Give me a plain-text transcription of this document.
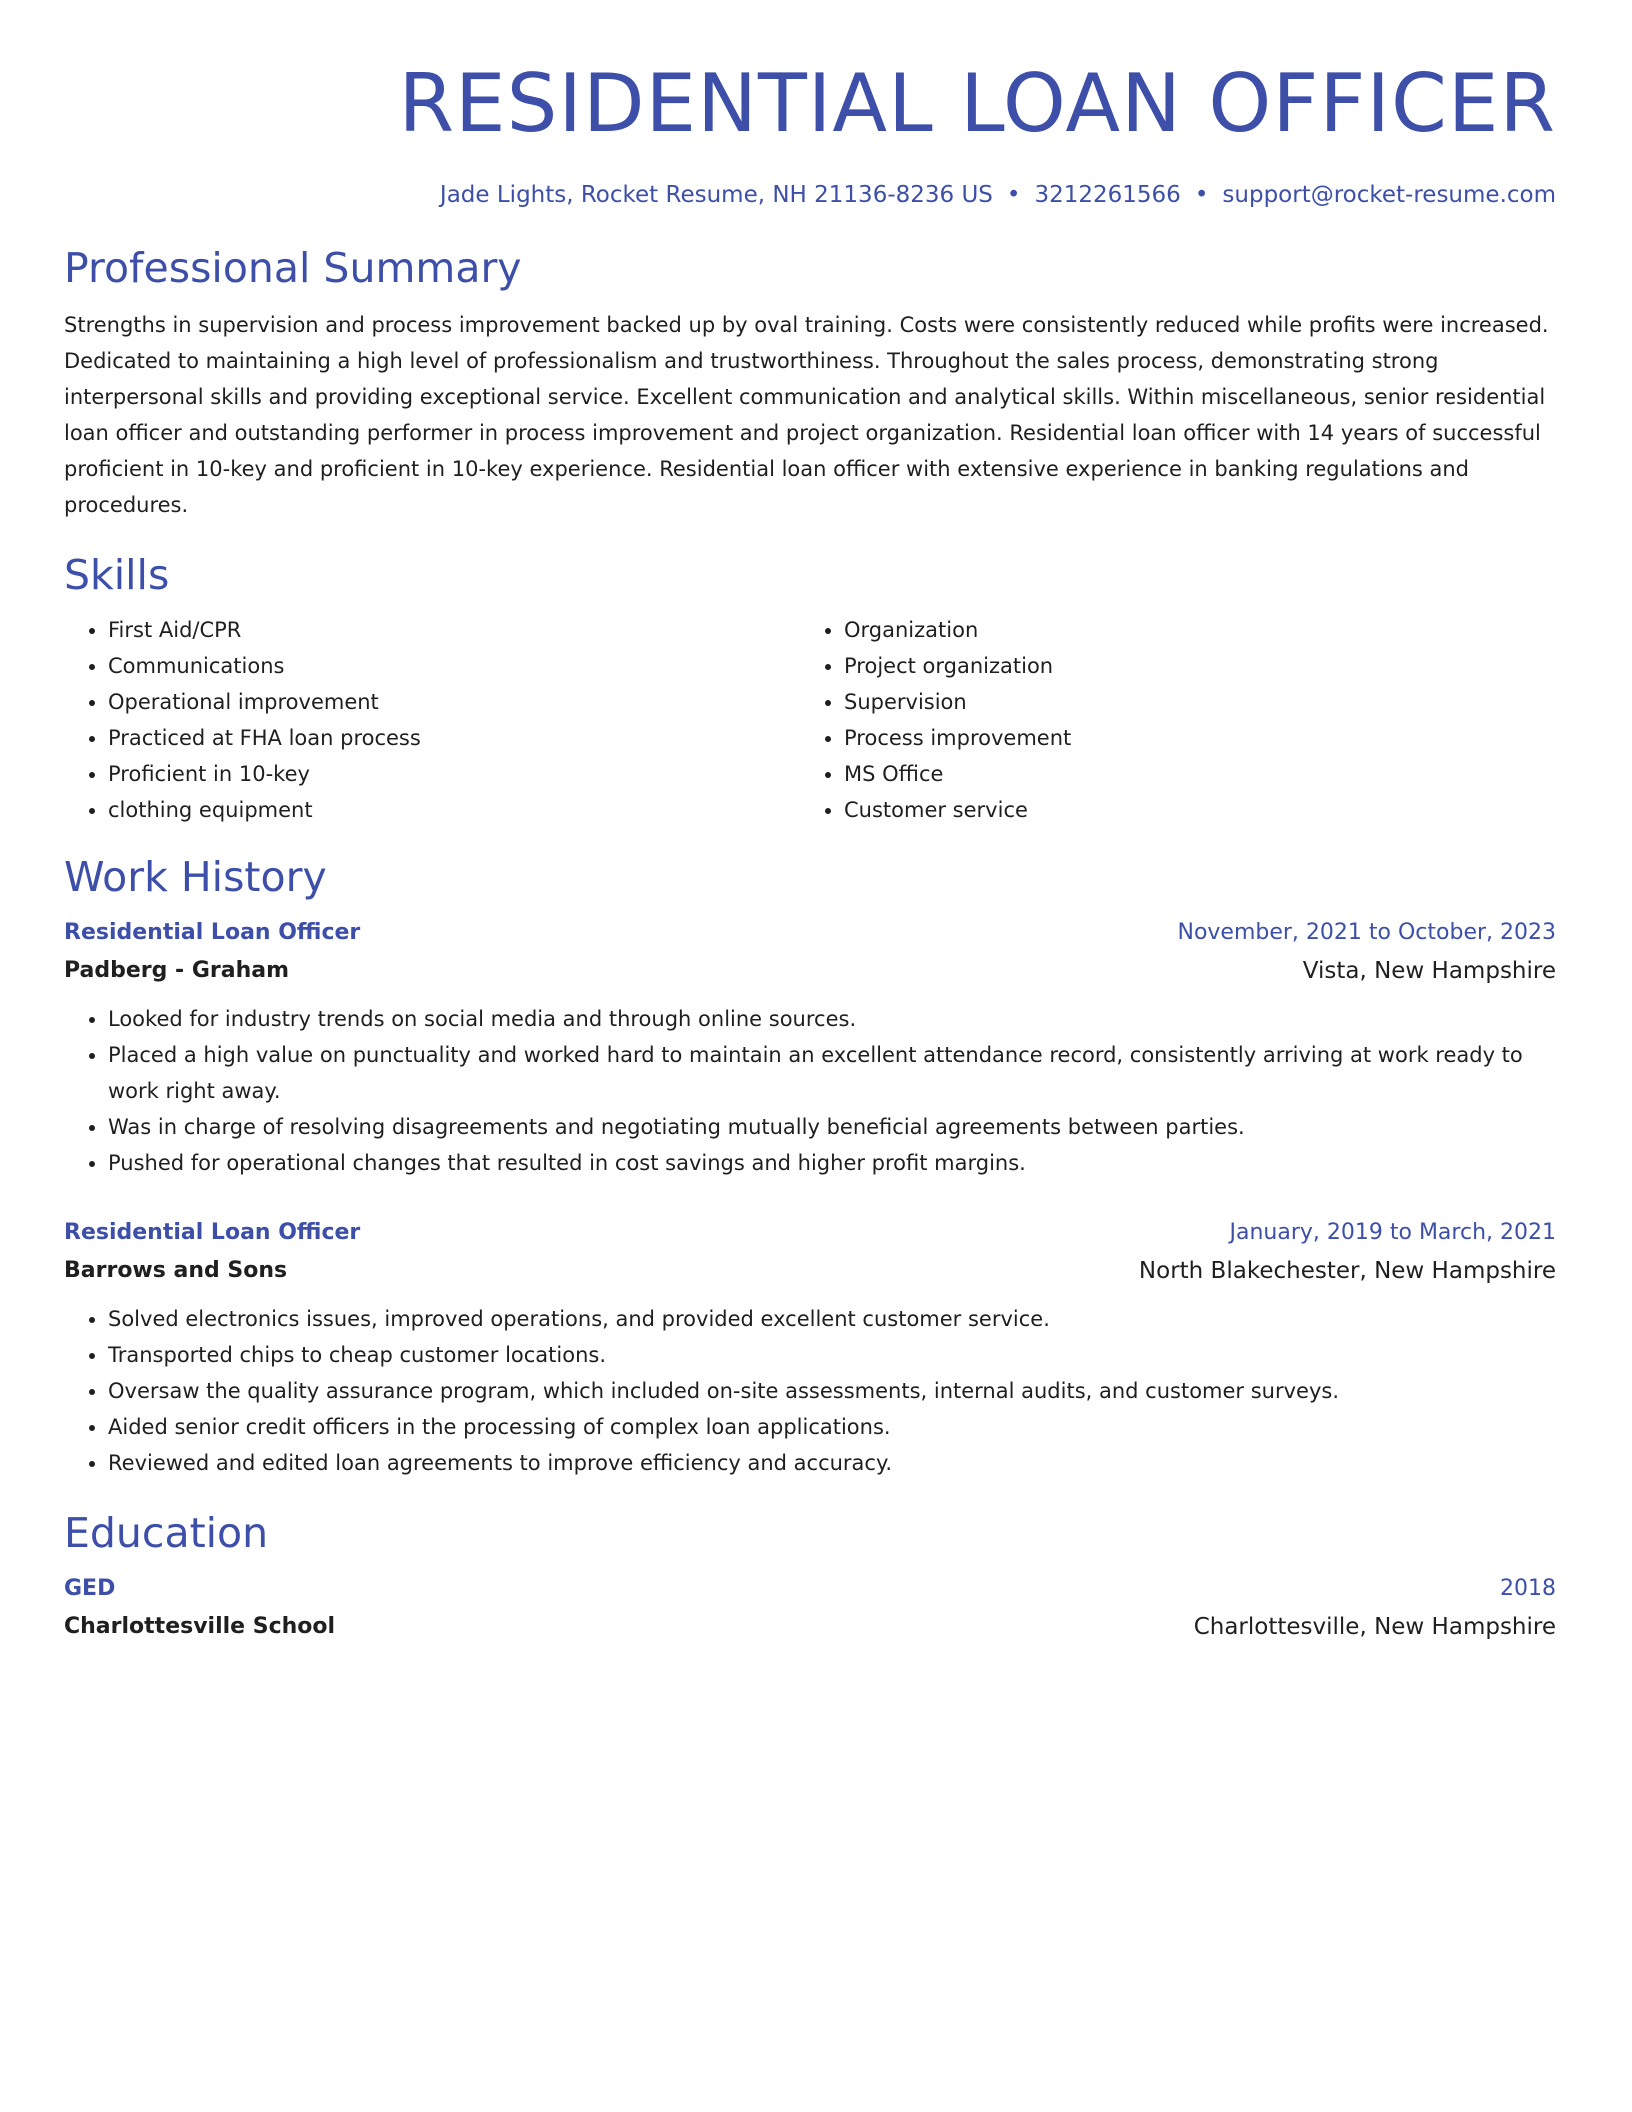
RESIDENTIAL LOAN OFFICER
Jade Lights, Rocket Resume, NH 21136-8236 US • 3212261566 • support@rocket-resume.com
Professional Summary
Strengths in supervision and process improvement backed up by oval training. Costs were consistently reduced while profits were increased. Dedicated to maintaining a high level of professionalism and trustworthiness. Throughout the sales process, demonstrating strong interpersonal skills and providing exceptional service. Excellent communication and analytical skills. Within miscellaneous, senior residential loan officer and outstanding performer in process improvement and project organization. Residential loan officer with 14 years of successful proficient in 10-key and proficient in 10-key experience. Residential loan officer with extensive experience in banking regulations and procedures.
Skills
• First Aid/CPR
• Communications
• Operational improvement
• Practiced at FHA loan process
• Proficient in 10-key
• clothing equipment
• Organization
• Project organization
• Supervision
• Process improvement
• MS Office
• Customer service
Work History
Residential Loan Officer	November, 2021 to October, 2023
Padberg - Graham	Vista, New Hampshire
• Looked for industry trends on social media and through online sources.
• Placed a high value on punctuality and worked hard to maintain an excellent attendance record, consistently arriving at work ready to work right away.
• Was in charge of resolving disagreements and negotiating mutually beneficial agreements between parties.
• Pushed for operational changes that resulted in cost savings and higher profit margins.
Residential Loan Officer	January, 2019 to March, 2021
Barrows and Sons	North Blakechester, New Hampshire
• Solved electronics issues, improved operations, and provided excellent customer service.
• Transported chips to cheap customer locations.
• Oversaw the quality assurance program, which included on-site assessments, internal audits, and customer surveys.
• Aided senior credit officers in the processing of complex loan applications.
• Reviewed and edited loan agreements to improve efficiency and accuracy.
Education
GED	2018
Charlottesville School	Charlottesville, New Hampshire
